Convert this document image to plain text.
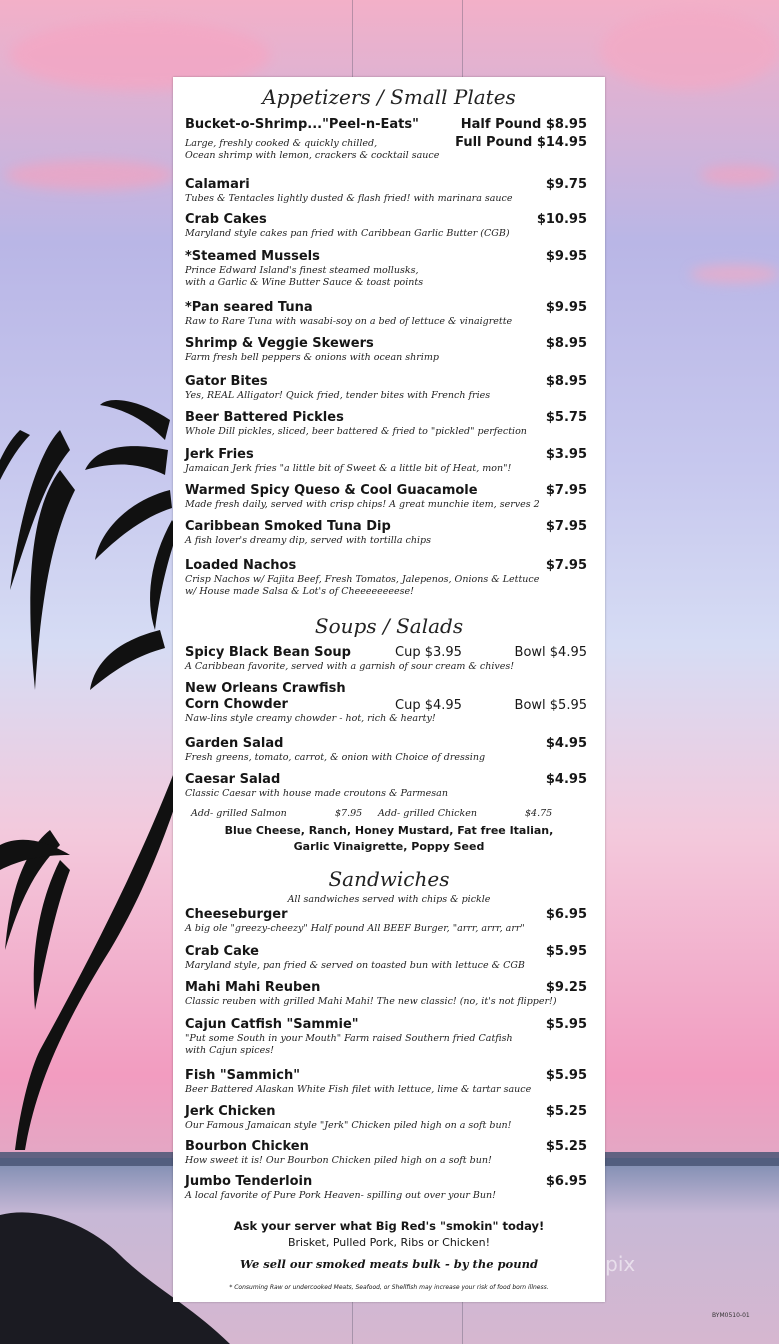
Appetizers / Small Plates
Bucket-o-Shrimp..."Peel-n-Eats"	Half Pound $8.95
Full Pound $14.95
Large, freshly cooked & quickly chilled,
Ocean shrimp with lemon, crackers & cocktail sauce
Calamari	$9.75
Tubes & Tentacles lightly dusted & flash fried! with marinara sauce
Crab Cakes	$10.95
Maryland style cakes pan fried with Caribbean Garlic Butter (CGB)
*Steamed Mussels	$9.95
Prince Edward Island's finest steamed mollusks,
with a Garlic & Wine Butter Sauce & toast points
*Pan seared Tuna	$9.95
Raw to Rare Tuna with wasabi-soy on a bed of lettuce & vinaigrette
Shrimp & Veggie Skewers	$8.95
Farm fresh bell peppers & onions with ocean shrimp
Gator Bites	$8.95
Yes, REAL Alligator! Quick fried, tender bites with French fries
Beer Battered Pickles	$5.75
Whole Dill pickles, sliced, beer battered & fried to "pickled" perfection
Jerk Fries	$3.95
Jamaican Jerk fries "a little bit of Sweet & a little bit of Heat, mon"!
Warmed Spicy Queso & Cool Guacamole	$7.95
Made fresh daily, served with crisp chips! A great munchie item, serves 2
Caribbean Smoked Tuna Dip	$7.95
A fish lover's dreamy dip, served with tortilla chips
Loaded Nachos	$7.95
Crisp Nachos w/ Fajita Beef, Fresh Tomatos, Jalepenos, Onions & Lettuce
w/ House made Salsa & Lot's of Cheeeeeeeese!
Soups / Salads
Spicy Black Bean Soup	Cup $3.95	Bowl $4.95
A Caribbean favorite, served with a garnish of sour cream & chives!
New Orleans Crawfish
Corn Chowder	Cup $4.95	Bowl $5.95
Naw-lins style creamy chowder - hot, rich & hearty!
Garden Salad	$4.95
Fresh greens, tomato, carrot, & onion with Choice of dressing
Caesar Salad	$4.95
Classic Caesar with house made croutons & Parmesan
Add- grilled Salmon	$7.95 Add- grilled Chicken	$4.75
Blue Cheese, Ranch, Honey Mustard, Fat free Italian,
Garlic Vinaigrette, Poppy Seed
Sandwiches
All sandwiches served with chips & pickle
Cheeseburger	$6.95
A big ole "greezy-cheezy" Half pound All BEEF Burger, "arrr, arrr, arr"
Crab Cake	$5.95
Maryland style, pan fried & served on toasted bun with lettuce & CGB
Mahi Mahi Reuben	$9.25
Classic reuben with grilled Mahi Mahi! The new classic! (no, it's not flipper!)
Cajun Catfish "Sammie"	$5.95
"Put some South in your Mouth" Farm raised Southern fried Catfish
with Cajun spices!
Fish "Sammich"	$5.95
Beer Battered Alaskan White Fish filet with lettuce, lime & tartar sauce
Jerk Chicken	$5.25
Our Famous Jamaican style "Jerk" Chicken piled high on a soft bun!
Bourbon Chicken	$5.25
How sweet it is! Our Bourbon Chicken piled high on a soft bun!
Jumbo Tenderloin	$6.95
A local favorite of Pure Pork Heaven- spilling out over your Bun!
Ask your server what Big Red's "smokin" today!
Brisket, Pulled Pork, Ribs or Chicken!
We sell our smoked meats bulk - by the pound
* Consuming Raw or undercooked Meats, Seafood, or Shellfish may increase your risk of food born illness.
menupix
BYM0510-01
